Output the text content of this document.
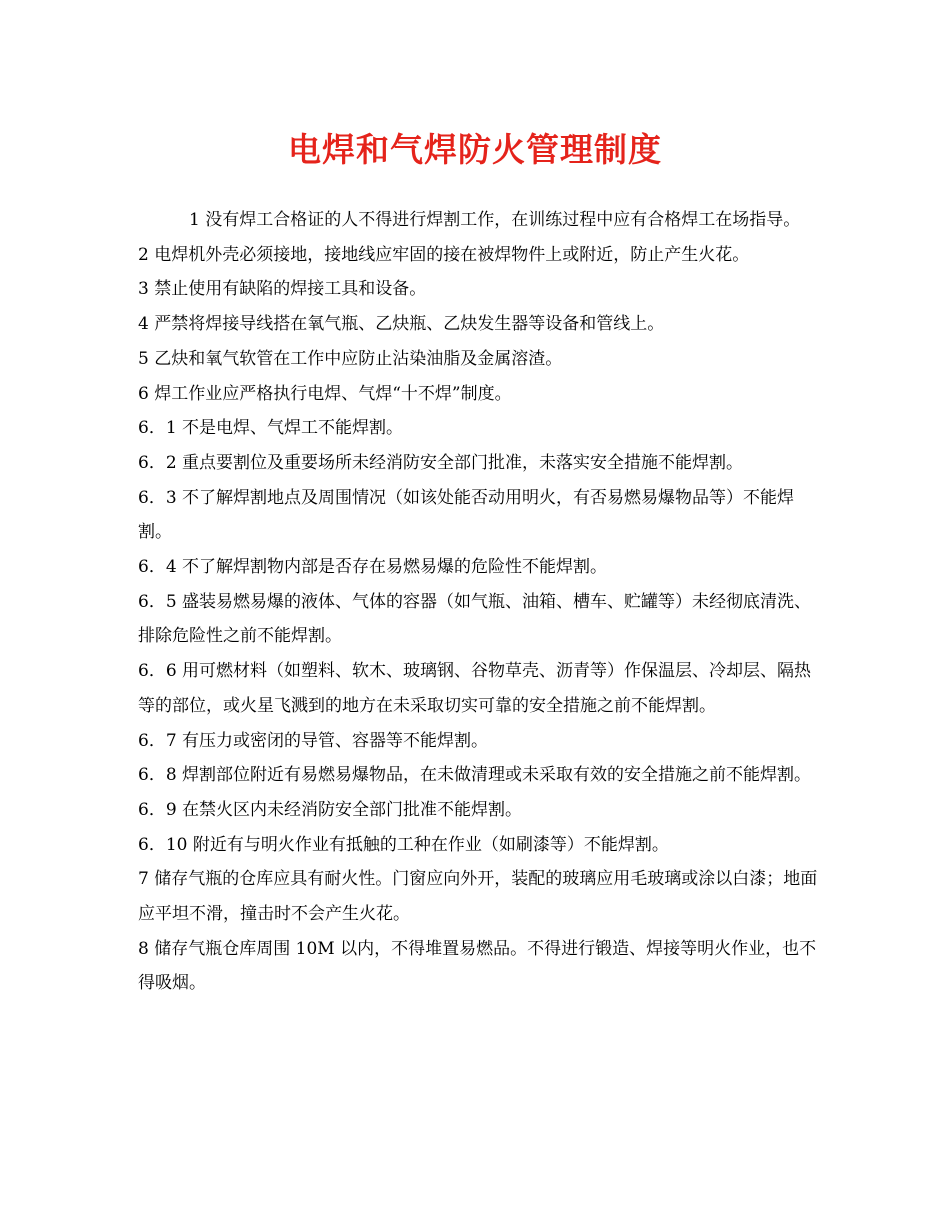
电焊和气焊防火管理制度

1 没有焊工合格证的人不得进行焊割工作，在训练过程中应有合格焊工在场指导。

2 电焊机外壳必须接地，接地线应牢固的接在被焊物件上或附近，防止产生火花。

3 禁止使用有缺陷的焊接工具和设备。

4 严禁将焊接导线搭在氧气瓶、乙炔瓶、乙炔发生器等设备和管线上。

5 乙炔和氧气软管在工作中应防止沾染油脂及金属溶渣。

6 焊工作业应严格执行电焊、气焊“十不焊”制度。

6．1 不是电焊、气焊工不能焊割。

6．2 重点要割位及重要场所未经消防安全部门批准，未落实安全措施不能焊割。

6．3 不了解焊割地点及周围情况（如该处能否动用明火，有否易燃易爆物品等）不能焊割。

6．4 不了解焊割物内部是否存在易燃易爆的危险性不能焊割。

6．5 盛装易燃易爆的液体、气体的容器（如气瓶、油箱、槽车、贮罐等）未经彻底清洗、排除危险性之前不能焊割。

6．6 用可燃材料（如塑料、软木、玻璃钢、谷物草壳、沥青等）作保温层、冷却层、隔热等的部位，或火星飞溅到的地方在未采取切实可靠的安全措施之前不能焊割。

6．7 有压力或密闭的导管、容器等不能焊割。

6．8 焊割部位附近有易燃易爆物品，在未做清理或未采取有效的安全措施之前不能焊割。

6．9 在禁火区内未经消防安全部门批准不能焊割。

6．10 附近有与明火作业有抵触的工种在作业（如刷漆等）不能焊割。

7 储存气瓶的仓库应具有耐火性。门窗应向外开，装配的玻璃应用毛玻璃或涂以白漆；地面应平坦不滑，撞击时不会产生火花。

8 储存气瓶仓库周围 10M 以内，不得堆置易燃品。不得进行锻造、焊接等明火作业，也不得吸烟。
